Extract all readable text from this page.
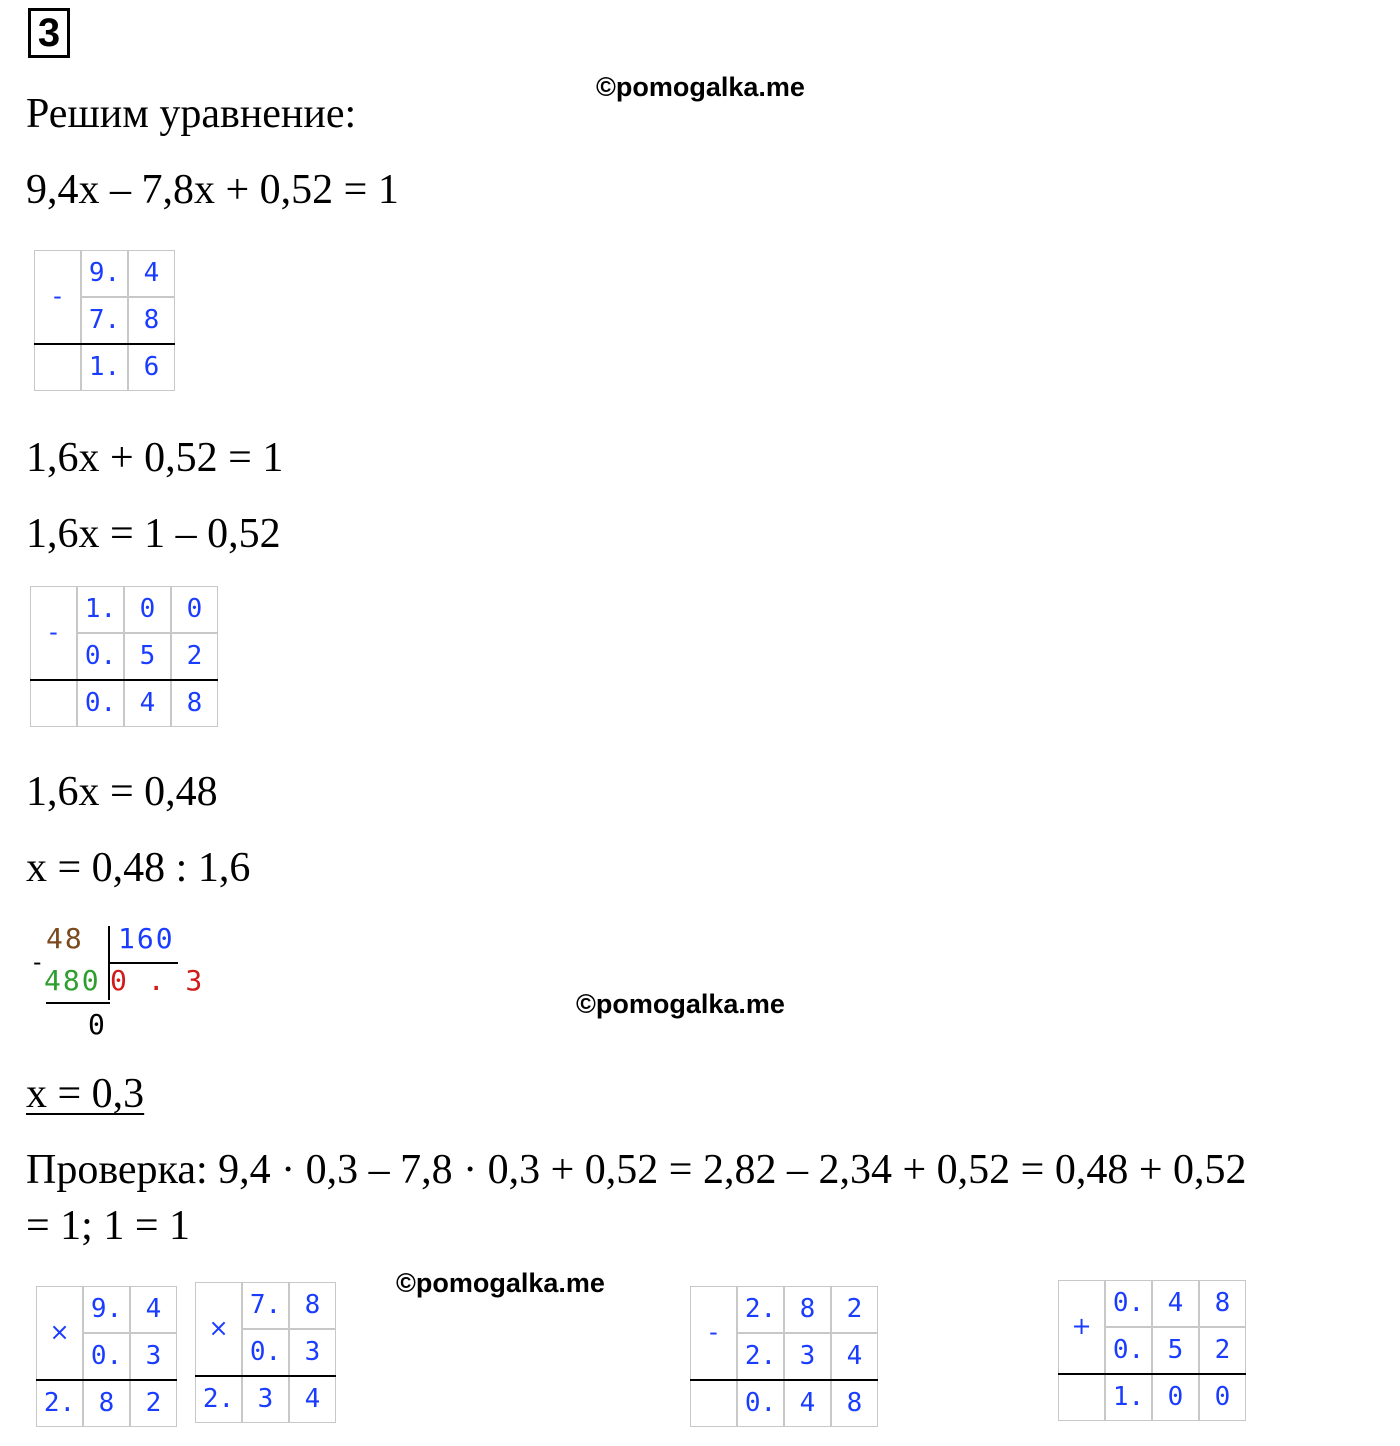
3
©pomogalka.me
Решим уравнение:
9,4x – 7,8x + 0,52 = 1
-
9. 4
7. 8
1. 6
1,6x + 0,52 = 1
1,6x = 1 – 0,52
-
1. 0	0
0. 5	2
0. 4	8
1,6x = 0,48
x = 0,48 : 1,6
48 160
-
480 0 . 3
0
©pomogalka.me
x = 0,3
Проверка: 9,4 · 0,3 – 7,8 · 0,3 + 0,52 = 2,82 – 2,34 + 0,52 = 0,48 + 0,52
= 1; 1 = 1
©pomogalka.me
×
9. 4
0. 3
2. 8	2
×
7. 8
0. 3
2. 3	4
-
2. 8	2
2. 3	4
0. 4	8
+
0. 4	8
0. 5	2
1. 0	0
